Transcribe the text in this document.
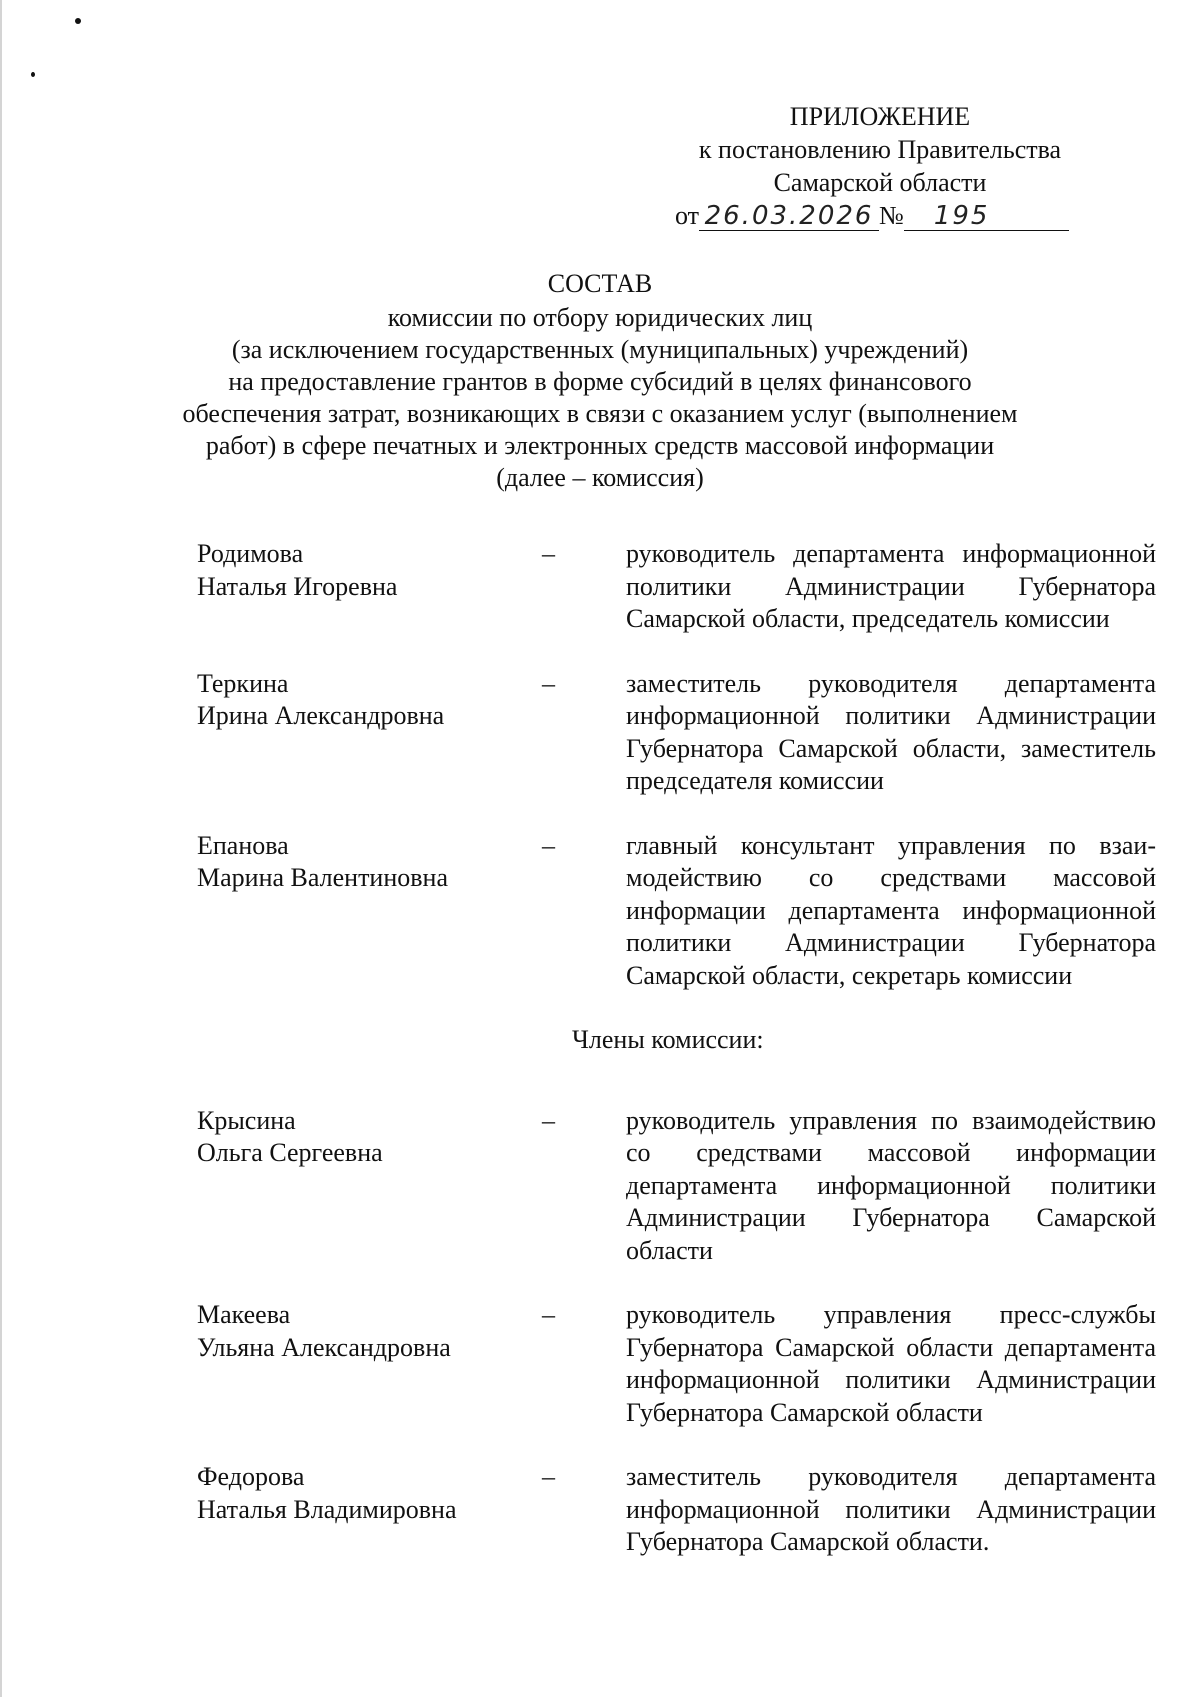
ПРИЛОЖЕНИЕ
к постановлению Правительства
Самарской области
от 26.03.2026 № 195
СОСТАВ
комиссии по отбору юридических лиц
(за исключением государственных (муниципальных) учреждений)
на предоставление грантов в форме субсидий в целях финансового
обеспечения затрат, возникающих в связи с оказанием услуг (выполнением
работ) в сфере печатных и электронных средств массовой информации
(далее – комиссия)
Родимова
Наталья Игоревна
–	руководитель департамента информационной политики Администрации Губернатора Самарской области, председатель комиссии
Теркина
Ирина Александровна
–	заместитель руководителя департамента информационной политики Администрации Губернатора Самарской области, заместитель председателя комиссии
Епанова
Марина Валентиновна
–	главный консультант управления по взаимодействию со средствами массовой информации департамента информационной политики Администрации Губернатора Самарской области, секретарь комиссии
Члены комиссии:
Крысина
Ольга Сергеевна
–	руководитель управления по взаимодействию со средствами массовой информации департамента информационной политики Администрации Губернатора Самарской области
Макеева
Ульяна Александровна
–	руководитель управления пресс-службы Губернатора Самарской области департамента информационной политики Администрации Губернатора Самарской области
Федорова
Наталья Владимировна
–	заместитель руководителя департамента информационной политики Администрации Губернатора Самарской области.
